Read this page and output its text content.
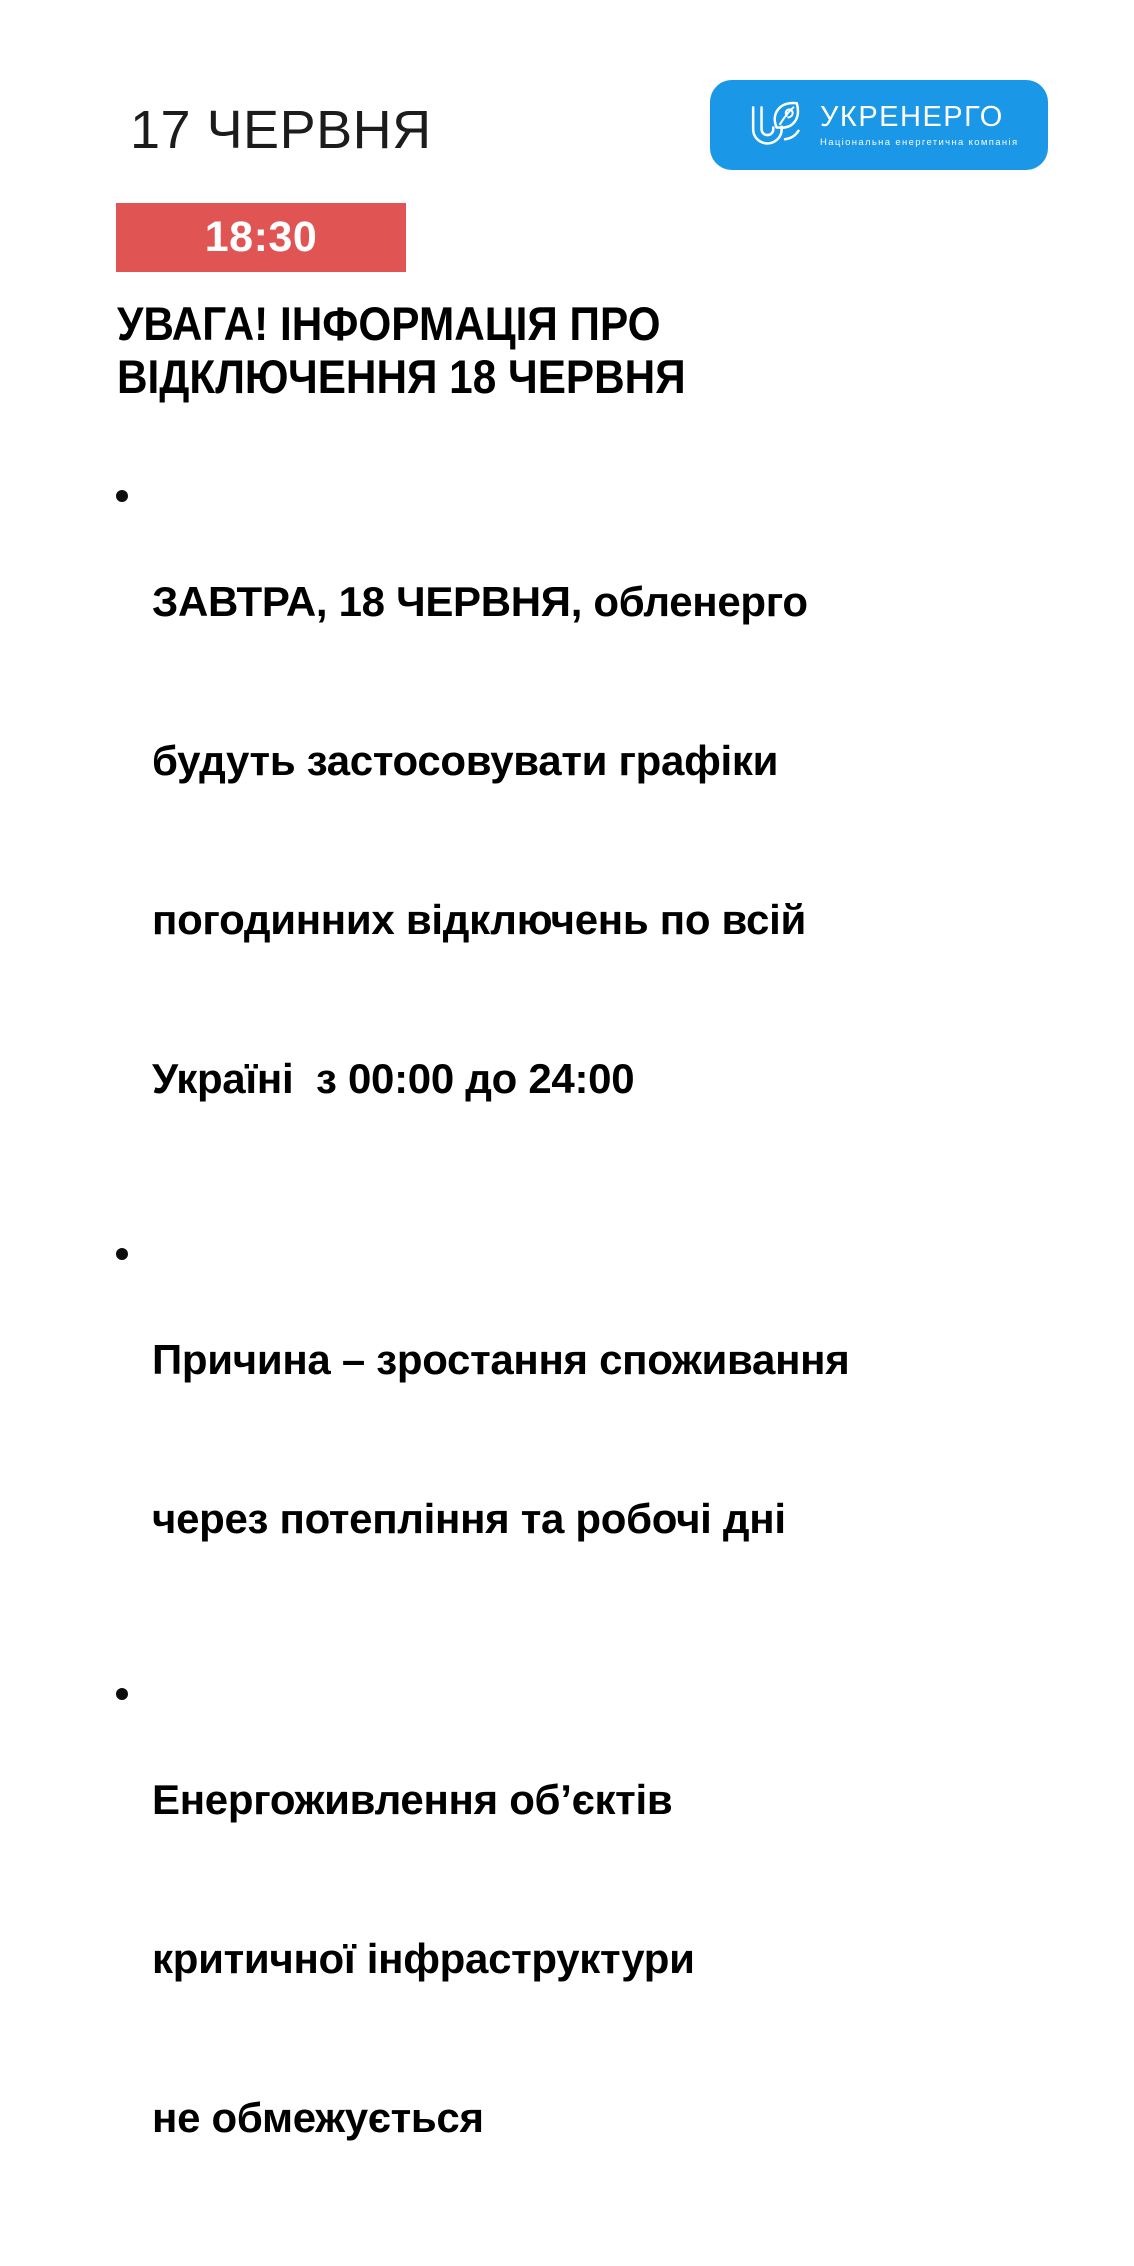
17 ЧЕРВНЯ	УКРЕНЕРГО
Національна енергетична компанія
18:30
УВАГА! ІНФОРМАЦІЯ ПРО
ВІДКЛЮЧЕННЯ 18 ЧЕРВНЯ

ЗАВТРА, 18 ЧЕРВНЯ, обленерго

будуть застосовувати графіки

погодинних відключень по всій

Україні  з 00:00 до 24:00

Причина – зростання споживання

через потепління та робочі дні

Енергоживлення об’єктів

критичної інфраструктури

не обмежується
